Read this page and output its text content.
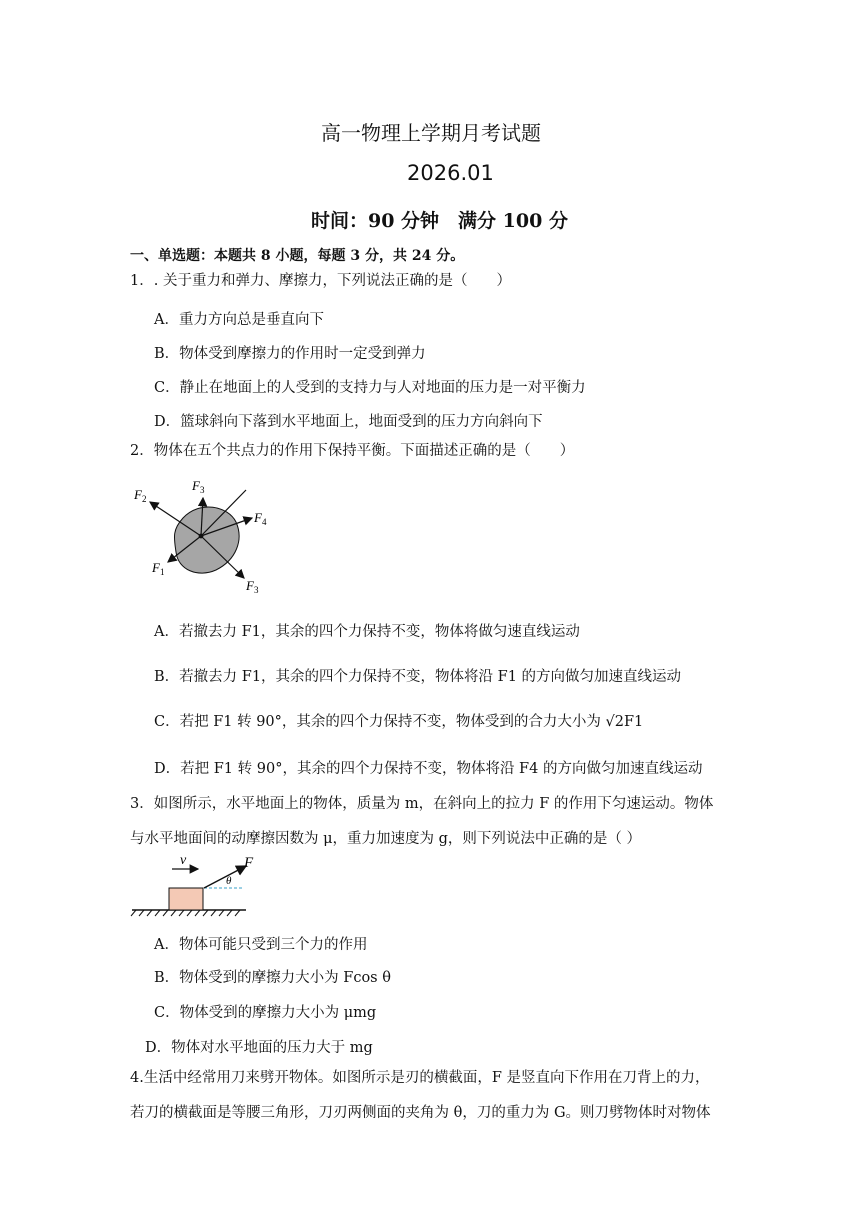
高一物理上学期月考试题
2026.01
时间：90 分钟　满分 100 分
一、单选题：本题共 8 小题，每题 3 分，共 24 分。
1．. 关于重力和弹力、摩擦力，下列说法正确的是（　　）
A．重力方向总是垂直向下
B．物体受到摩擦力的作用时一定受到弹力
C．静止在地面上的人受到的支持力与人对地面的压力是一对平衡力
D．篮球斜向下落到水平地面上，地面受到的压力方向斜向下
2．物体在五个共点力的作用下保持平衡。下面描述正确的是（　　）
$F_2$
$F_3$
$F_4$
$F_1$
$F_3$
A．若撤去力 F1，其余的四个力保持不变，物体将做匀速直线运动
B．若撤去力 F1，其余的四个力保持不变，物体将沿 F1 的方向做匀加速直线运动
C．若把 F1 转 90°，其余的四个力保持不变，物体受到的合力大小为 √2F1
D．若把 F1 转 90°，其余的四个力保持不变，物体将沿 F4 的方向做匀加速直线运动
3．如图所示，水平地面上的物体，质量为 m，在斜向上的拉力 F 的作用下匀速运动。物体
与水平地面间的动摩擦因数为 μ，重力加速度为 g，则下列说法中正确的是（ ）
v	F
θ
A．物体可能只受到三个力的作用
B．物体受到的摩擦力大小为 Fcos θ
C．物体受到的摩擦力大小为 μmg
D．物体对水平地面的压力大于 mg
4.生活中经常用刀来劈开物体。如图所示是刃的横截面，F 是竖直向下作用在刀背上的力，
若刀的横截面是等腰三角形，刀刃两侧面的夹角为 θ，刀的重力为 G。则刀劈物体时对物体
